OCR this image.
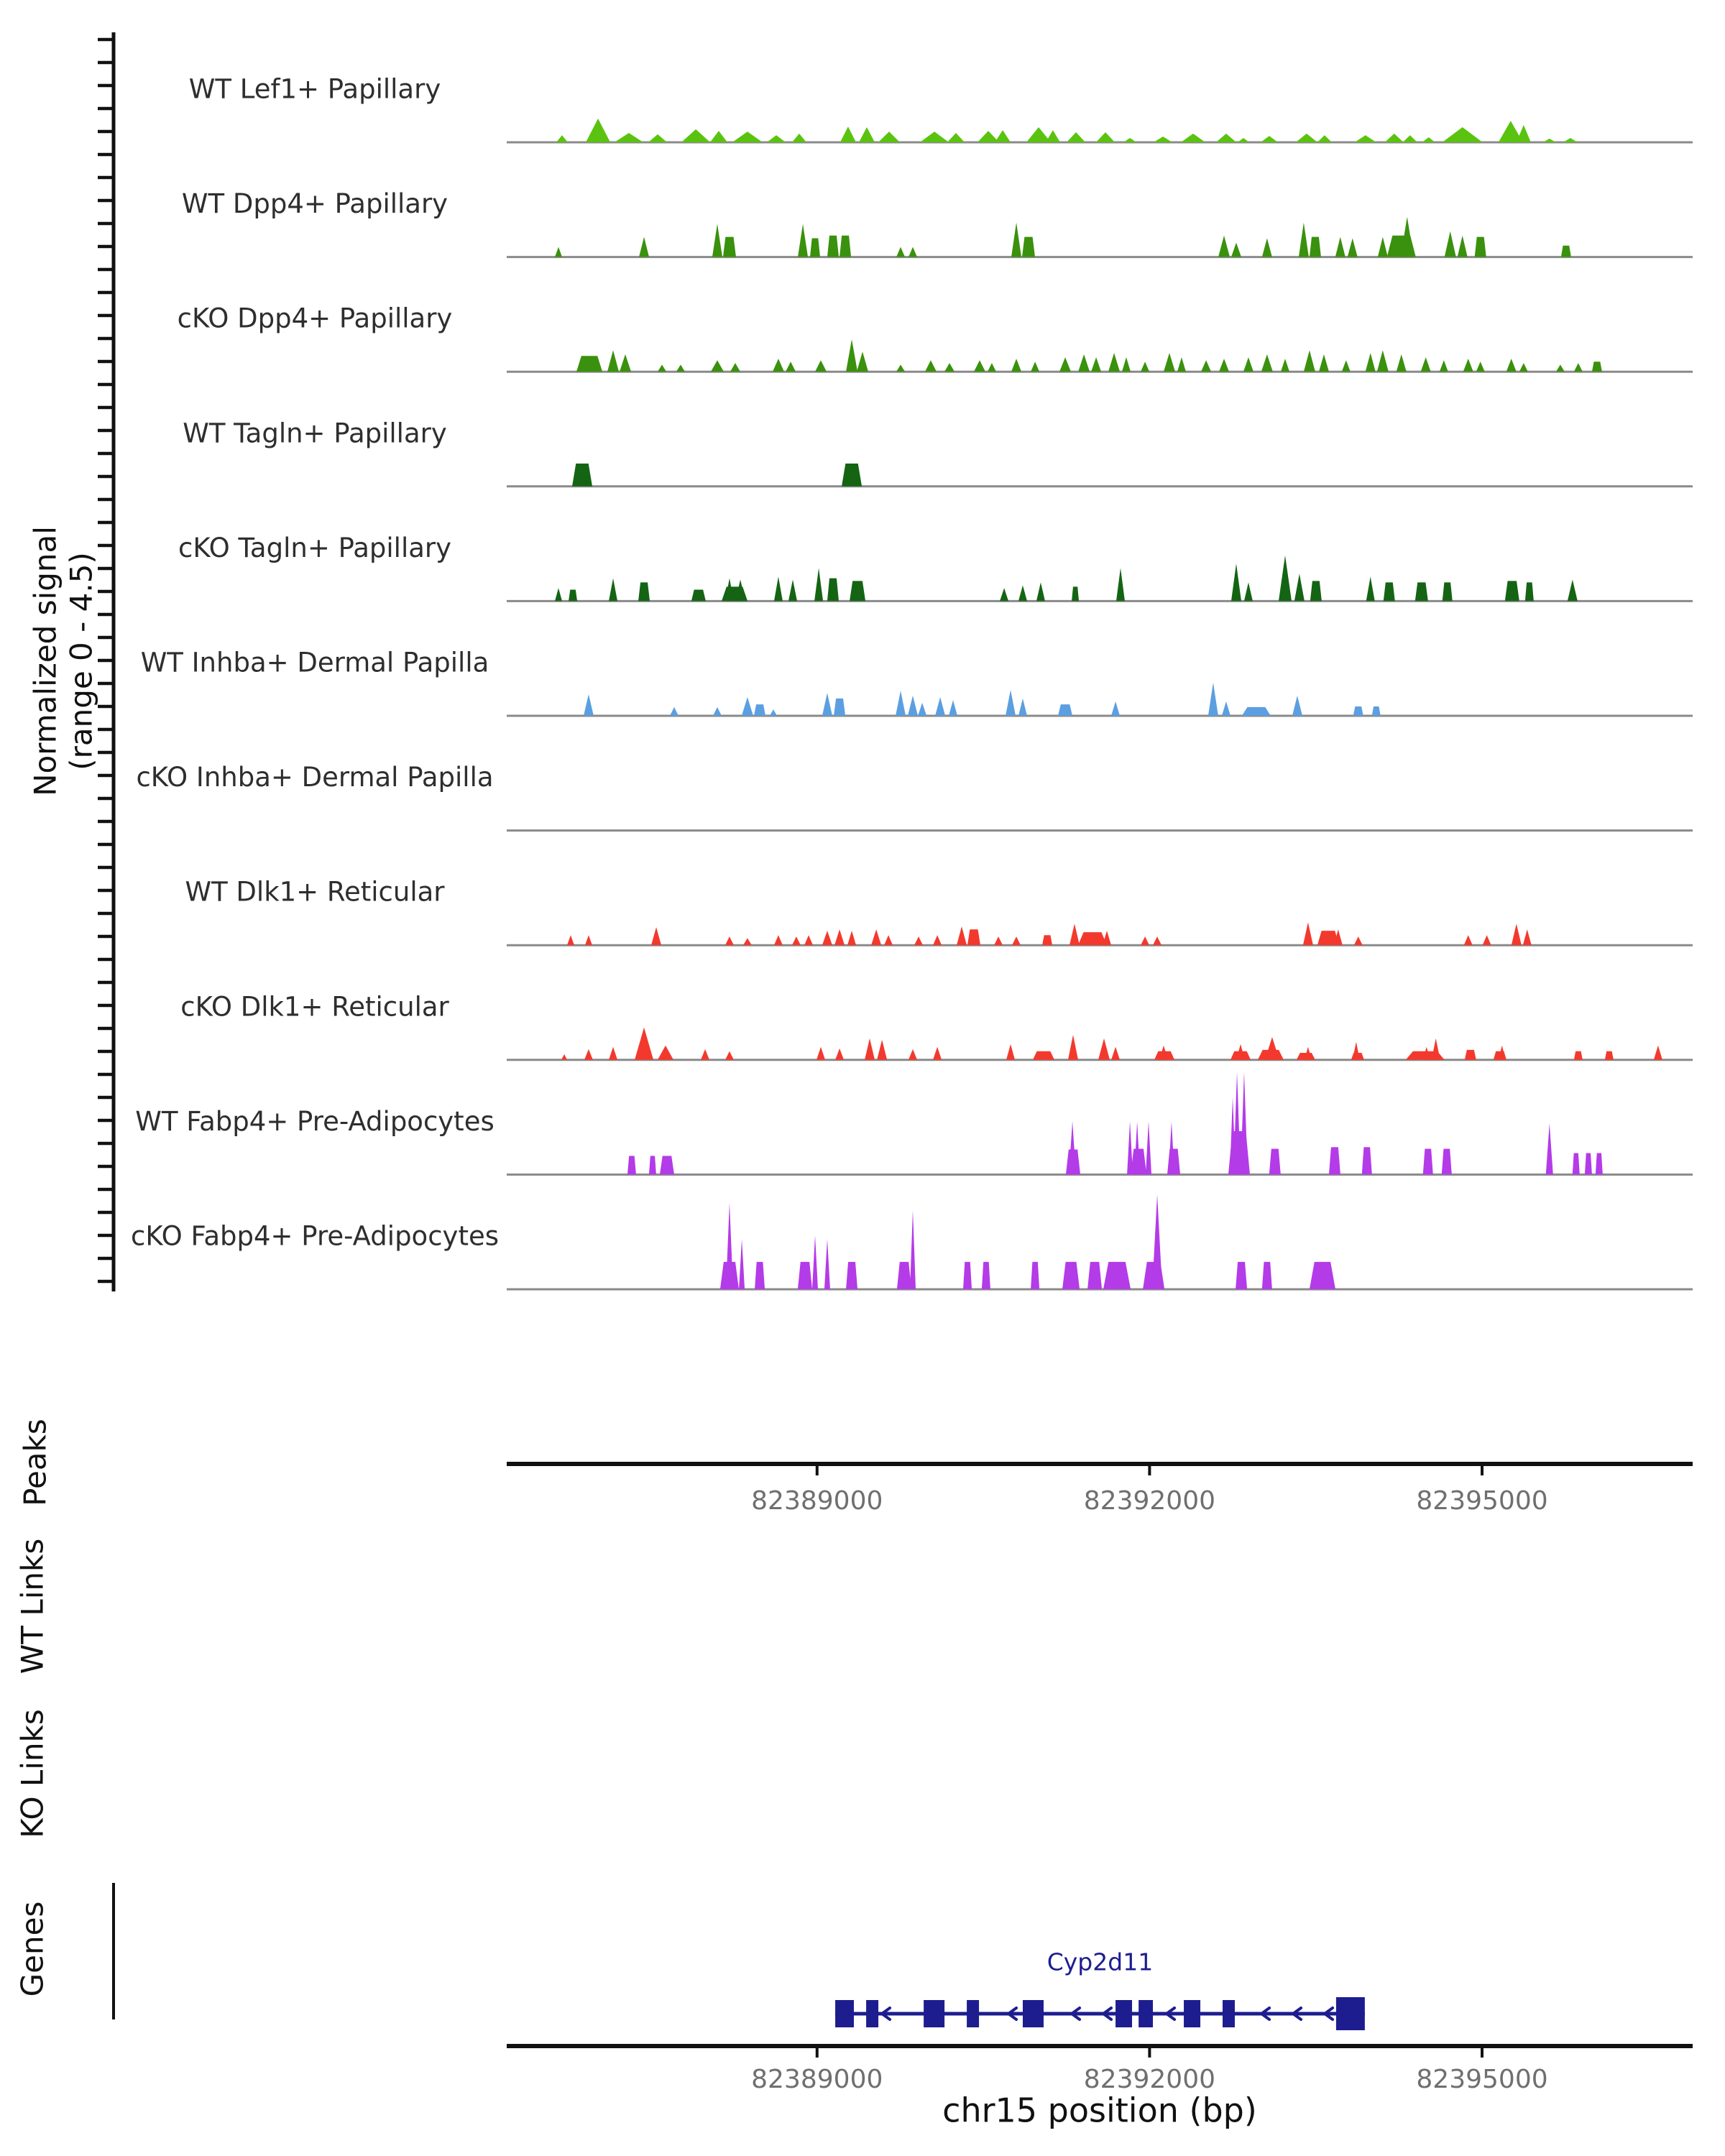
Normalized signal (range 0 - 4.5)
WT Lef1+ Papillary
WT Dpp4+ Papillary
cKO Dpp4+ Papillary
WT Tagln+ Papillary
cKO Tagln+ Papillary
WT Inhba+ Dermal Papilla
cKO Inhba+ Dermal Papilla
WT Dlk1+ Reticular
cKO Dlk1+ Reticular
WT Fabp4+ Pre-Adipocytes
cKO Fabp4+ Pre-Adipocytes
Peaks	82389000	82392000	82395000
WT Links
KO Links
Genes	Cyp2d11
82389000	82392000	82395000
chr15 position (bp)
